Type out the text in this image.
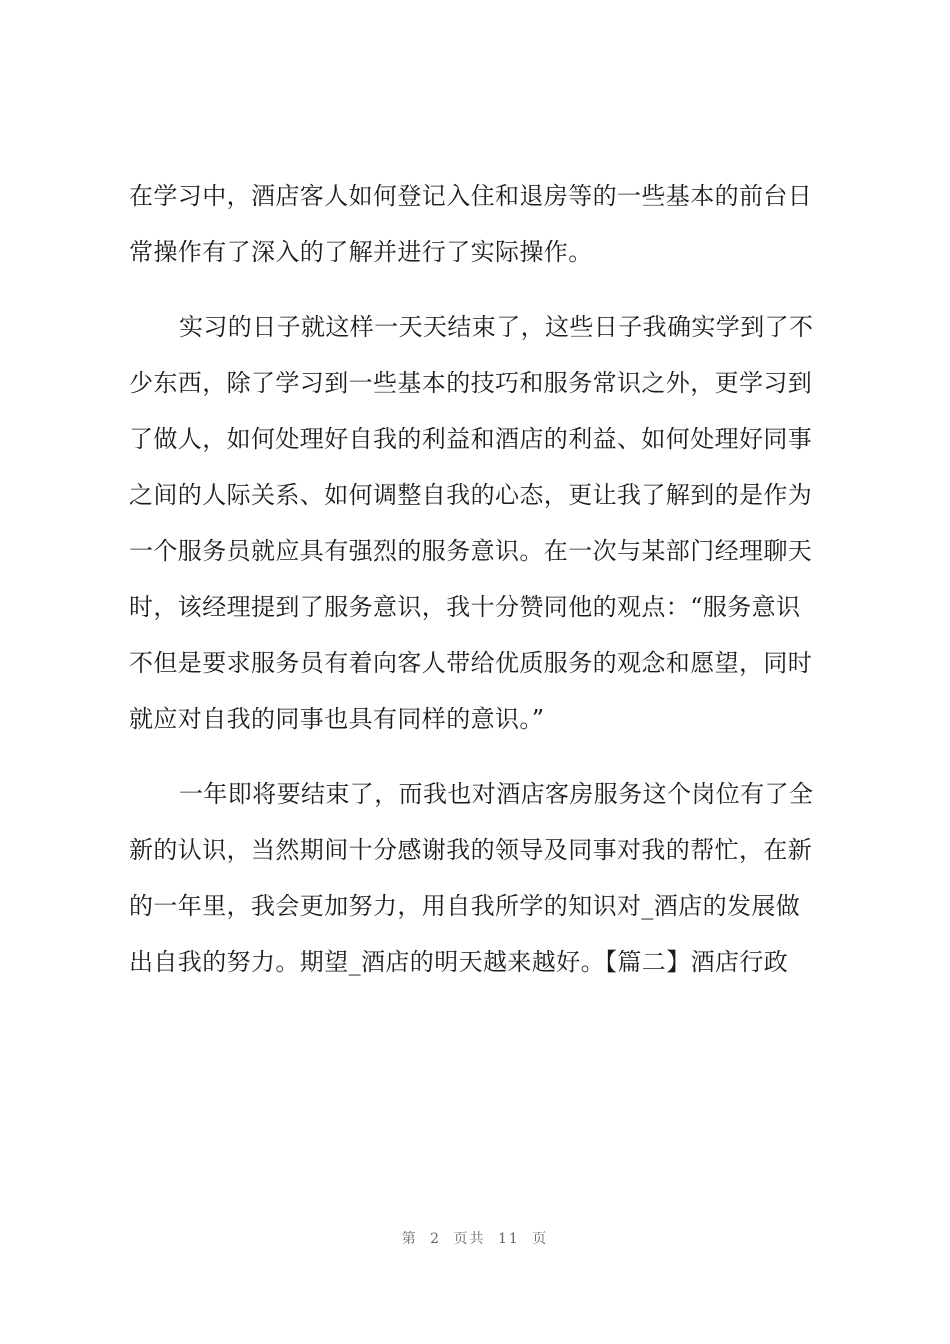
在学习中，酒店客人如何登记入住和退房等的一些基本的前台日
常操作有了深入的了解并进行了实际操作。
实习的日子就这样一天天结束了，这些日子我确实学到了不
少东西，除了学习到一些基本的技巧和服务常识之外，更学习到
了做人，如何处理好自我的利益和酒店的利益、如何处理好同事
之间的人际关系、如何调整自我的心态，更让我了解到的是作为
一个服务员就应具有强烈的服务意识。在一次与某部门经理聊天
时，该经理提到了服务意识，我十分赞同他的观点：“服务意识
不但是要求服务员有着向客人带给优质服务的观念和愿望，同时
就应对自我的同事也具有同样的意识。”
一年即将要结束了，而我也对酒店客房服务这个岗位有了全
新的认识，当然期间十分感谢我的领导及同事对我的帮忙，在新
的一年里，我会更加努力，用自我所学的知识对_酒店的发展做
出自我的努力。期望_酒店的明天越来越好。【篇二】酒店行政
第 2 页共 11 页
